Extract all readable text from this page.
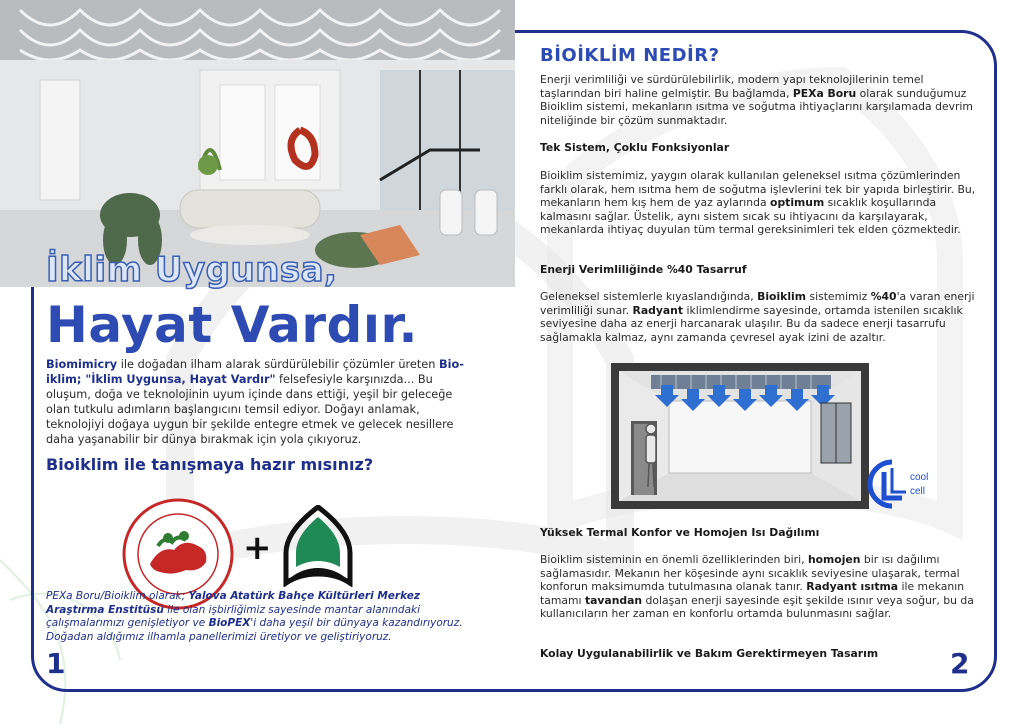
İklim Uygunsa,
Hayat Vardır.

Biomimicry ile doğadan ilham alarak sürdürülebilir çözümler üreten Bio-iklim; "İklim Uygunsa, Hayat Vardır" felsefesiyle karşınızda... Bu oluşum, doğa ve teknolojinin uyum içinde dans ettiği, yeşil bir geleceğe olan tutkulu adımların başlangıcını temsil ediyor. Doğayı anlamak, teknolojiyi doğaya uygun bir şekilde entegre etmek ve gelecek nesillere daha yaşanabilir bir dünya bırakmak için yola çıkıyoruz.

Bioiklim ile tanışmaya hazır mısınız?
+

PEXa Boru/Bioiklim olarak; Yalova Atatürk Bahçe Kültürleri Merkez Araştırma Enstitüsü ile olan işbirliğimiz sayesinde mantar alanındaki çalışmalarımızı genişletiyor ve BioPEX'i daha yeşil bir dünyaya kazandırıyoruz. Doğadan aldığımız ilhamla panellerimizi üretiyor ve geliştiriyoruz.

1
BİOİKLİM NEDİR?

Enerji verimliliği ve sürdürülebilirlik, modern yapı teknolojilerinin temel taşlarından biri haline gelmiştir. Bu bağlamda, PEXa Boru olarak sunduğumuz Bioiklim sistemi, mekanların ısıtma ve soğutma ihtiyaçlarını karşılamada devrim niteliğinde bir çözüm sunmaktadır.

Tek Sistem, Çoklu Fonksiyonlar

Bioiklim sistemimiz, yaygın olarak kullanılan geleneksel ısıtma çözümlerinden farklı olarak, hem ısıtma hem de soğutma işlevlerini tek bir yapıda birleştirir. Bu, mekanların hem kış hem de yaz aylarında optimum sıcaklık koşullarında kalmasını sağlar. Üstelik, aynı sistem sıcak su ihtiyacını da karşılayarak, mekanlarda ihtiyaç duyulan tüm termal gereksinimleri tek elden çözmektedir.

Enerji Verimliliğinde %40 Tasarruf

Geleneksel sistemlerle kıyaslandığında, Bioiklim sistemimiz %40'a varan enerji verimliliği sunar. Radyant iklimlendirme sayesinde, ortamda istenilen sıcaklık seviyesine daha az enerji harcanarak ulaşılır. Bu da sadece enerji tasarrufu sağlamakla kalmaz, aynı zamanda çevresel ayak izini de azaltır.

cool
cell
Yüksek Termal Konfor ve Homojen Isı Dağılımı

Bioiklim sisteminin en önemli özelliklerinden biri, homojen bir ısı dağılımı sağlamasıdır. Mekanın her köşesinde aynı sıcaklık seviyesine ulaşarak, termal konforun maksimumda tutulmasına olanak tanır. Radyant ısıtma ile mekanın tamamı tavandan dolaşan enerji sayesinde eşit şekilde ısınır veya soğur, bu da kullanıcıların her zaman en konforlu ortamda bulunmasını sağlar.

Kolay Uygulanabilirlik ve Bakım Gerektirmeyen Tasarım	2
